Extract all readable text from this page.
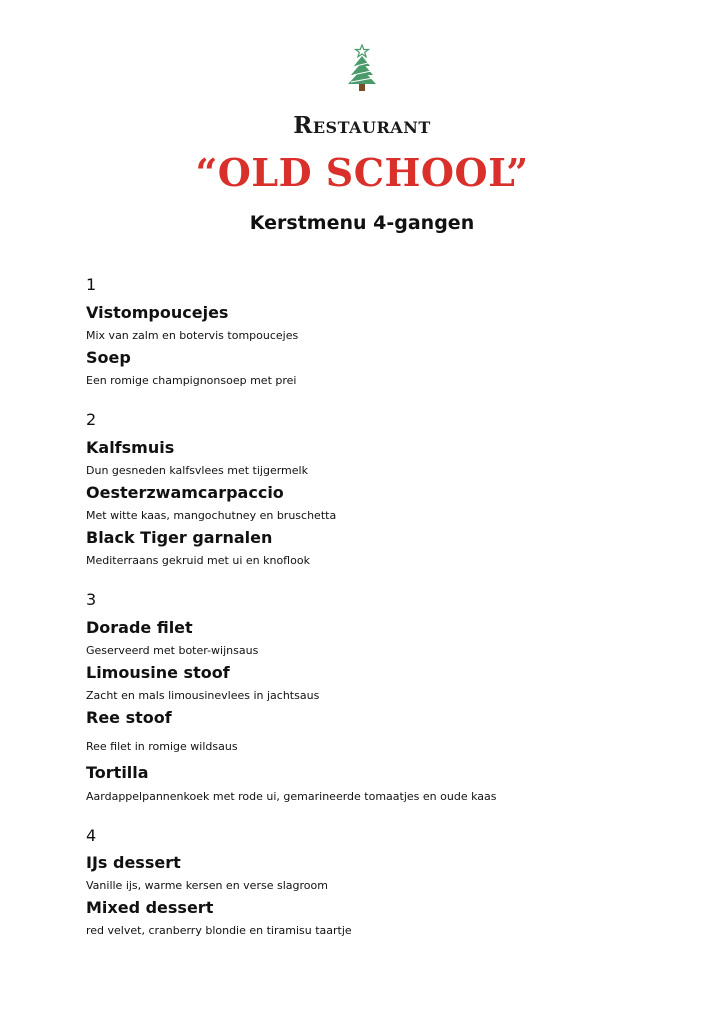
Restaurant
“OLD SCHOOL”
Kerstmenu 4-gangen
1
Vistompoucejes
Mix van zalm en botervis tompoucejes
Soep
Een romige champignonsoep met prei
2
Kalfsmuis
Dun gesneden kalfsvlees met tijgermelk
Oesterzwamcarpaccio
Met witte kaas, mangochutney en bruschetta
Black Tiger garnalen
Mediterraans gekruid met ui en knoflook
3
Dorade filet
Geserveerd met boter-wijnsaus
Limousine stoof
Zacht en mals limousinevlees in jachtsaus
Ree stoof
Ree filet in romige wildsaus
Tortilla
Aardappelpannenkoek met rode ui, gemarineerde tomaatjes en oude kaas
4
IJs dessert
Vanille ijs, warme kersen en verse slagroom
Mixed dessert
red velvet, cranberry blondie en tiramisu taartje
